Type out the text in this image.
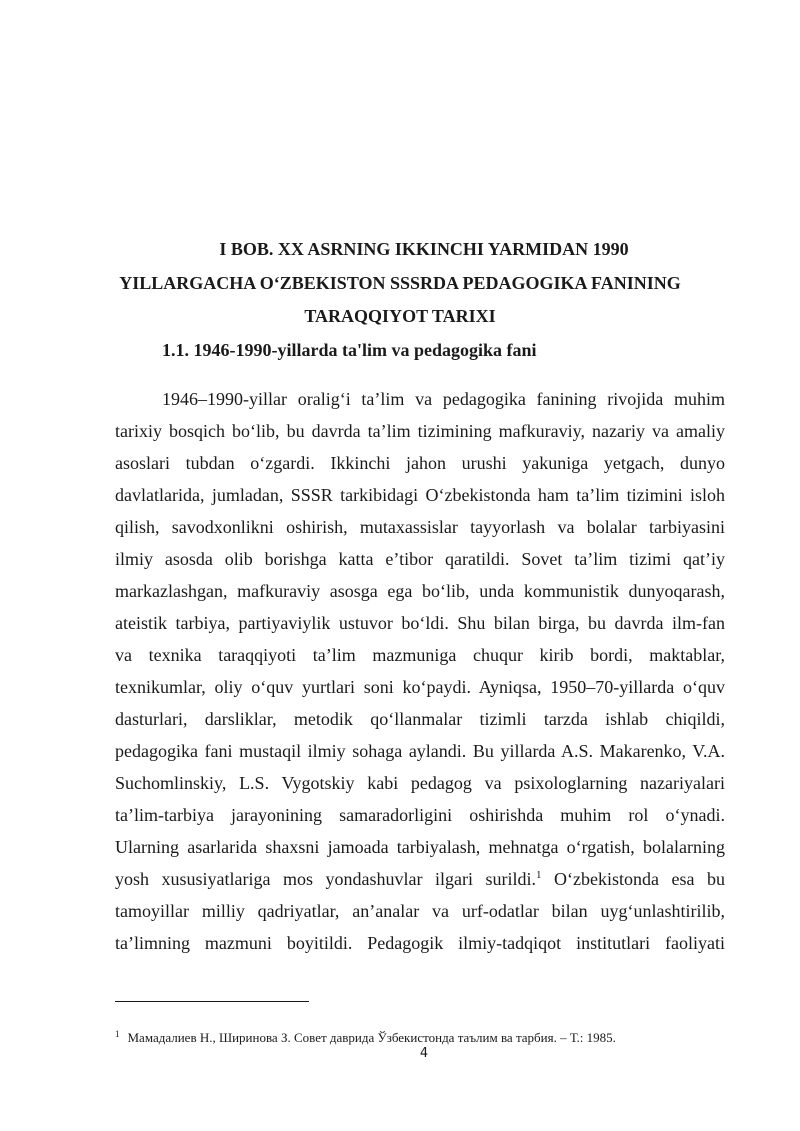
I BOB. XX ASRNING IKKINCHI YARMIDAN 1990
YILLARGACHA O‘ZBEKISTON SSSRDA PEDAGOGIKA FANINING
TARAQQIYOT TARIXI
1.1. 1946-1990-yillarda ta'lim va pedagogika fani
1946–1990-yillar oralig‘i ta’lim va pedagogika fanining rivojida muhim
tarixiy bosqich bo‘lib, bu davrda ta’lim tizimining mafkuraviy, nazariy va amaliy
asoslari tubdan o‘zgardi. Ikkinchi jahon urushi yakuniga yetgach, dunyo
davlatlarida, jumladan, SSSR tarkibidagi O‘zbekistonda ham ta’lim tizimini isloh
qilish, savodxonlikni oshirish, mutaxassislar tayyorlash va bolalar tarbiyasini
ilmiy asosda olib borishga katta e’tibor qaratildi. Sovet ta’lim tizimi qat’iy
markazlashgan, mafkuraviy asosga ega bo‘lib, unda kommunistik dunyoqarash,
ateistik tarbiya, partiyaviylik ustuvor bo‘ldi. Shu bilan birga, bu davrda ilm-fan
va texnika taraqqiyoti ta’lim mazmuniga chuqur kirib bordi, maktablar,
texnikumlar, oliy o‘quv yurtlari soni ko‘paydi. Ayniqsa, 1950–70-yillarda o‘quv
dasturlari, darsliklar, metodik qo‘llanmalar tizimli tarzda ishlab chiqildi,
pedagogika fani mustaqil ilmiy sohaga aylandi. Bu yillarda A.S. Makarenko, V.A.
Suchomlinskiy, L.S. Vygotskiy kabi pedagog va psixologlarning nazariyalari
ta’lim-tarbiya jarayonining samaradorligini oshirishda muhim rol o‘ynadi.
Ularning asarlarida shaxsni jamoada tarbiyalash, mehnatga o‘rgatish, bolalarning
yosh xususiyatlariga mos yondashuvlar ilgari surildi.$^1$ O‘zbekistonda esa bu
tamoyillar milliy qadriyatlar, an’analar va urf-odatlar bilan uyg‘unlashtirilib,
ta’limning mazmuni boyitildi. Pedagogik ilmiy-tadqiqot institutlari faoliyati
$^1$ Мамадалиев Н., Ширинова З. Совет даврида Ўзбекистонда таълим ва тарбия. – Т.: 1985.
4
